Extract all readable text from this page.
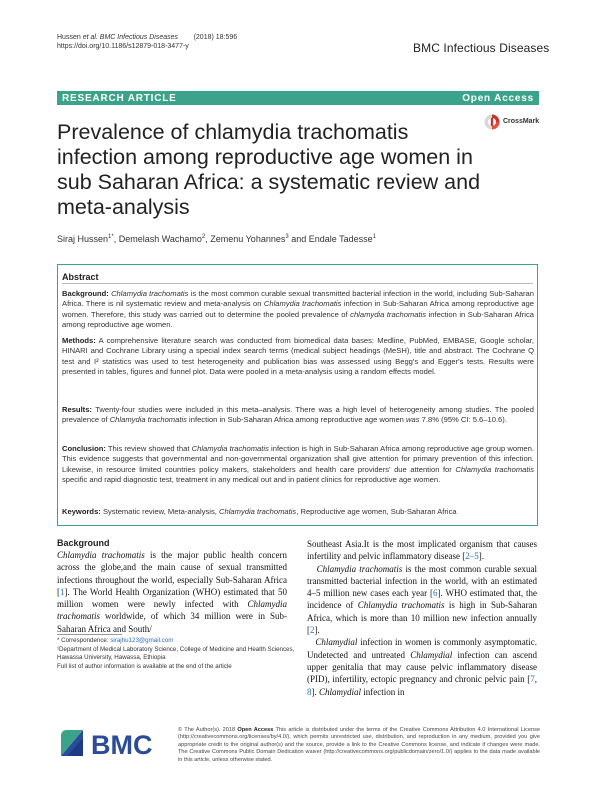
Hussen et al. BMC Infectious Diseases (2018) 18:596
https://doi.org/10.1186/s12879-018-3477-y	BMC Infectious Diseases
RESEARCH ARTICLE	Open Access
CrossMark
Prevalence of chlamydia trachomatis infection among reproductive age women in sub Saharan Africa: a systematic review and meta-analysis
Siraj Hussen$^{1*}$, Demelash Wachamo$^2$, Zemenu Yohannes$^3$ and Endale Tadesse$^1$
Abstract
Background: Chlamydia trachomatis is the most common curable sexual transmitted bacterial infection in the world, including Sub-Saharan Africa. There is nil systematic review and meta-analysis on Chlamydia trachomatis infection in Sub-Saharan Africa among reproductive age women. Therefore, this study was carried out to determine the pooled prevalence of chlamydia trachomatis infection in Sub-Saharan Africa among reproductive age women.
Methods: A comprehensive literature search was conducted from biomedical data bases: Medline, PubMed, EMBASE, Google scholar, HINARI and Cochrane Library using a special index search terms (medical subject headings (MeSH), title and abstract. The Cochrane Q test and I² statistics was used to test heterogeneity and publication bias was assessed using Begg's and Egger's tests. Results were presented in tables, figures and funnel plot. Data were pooled in a meta-analysis using a random effects model.
Results: Twenty-four studies were included in this meta–analysis. There was a high level of heterogeneity among studies. The pooled prevalence of Chlamydia trachomatis infection in Sub-Saharan Africa among reproductive age women was 7.8% (95% CI: 5.6–10.6).
Conclusion: This review showed that Chlamydia trachomatis infection is high in Sub-Saharan Africa among reproductive age group women. This evidence suggests that governmental and non-governmental organization shall give attention for primary prevention of this infection. Likewise, in resource limited countries policy makers, stakeholders and health care providers' due attention for Chlamydia trachomatis specific and rapid diagnostic test, treatment in any medical out and in patient clinics for reproductive age women.
Keywords: Systematic review, Meta-analysis, Chlamydia trachomatis, Reproductive age women, Sub-Saharan Africa
Background
Chlamydia trachomatis is the major public health concern across the globe,and the main cause of sexual transmitted infections throughout the world, especially Sub-Saharan Africa [1]. The World Health Organization (WHO) estimated that 50 million women were newly infected with Chlamydia trachomatis worldwide, of which 34 million were in Sub-Saharan Africa and South/
Southeast Asia.It is the most implicated organism that causes infertility and pelvic inflammatory disease [2–5].
Chlamydia trachomatis is the most common curable sexual transmitted bacterial infection in the world, with an estimated 4–5 million new cases each year [6]. WHO estimated that, the incidence of Chlamydia trachomatis is high in Sub-Saharan Africa, which is more than 10 million new infection annually [2].
Chlamydial infection in women is commonly asymptomatic. Undetected and untreated Chlamydial infection can ascend upper genitalia that may cause pelvic inflammatory disease (PID), infertility, ectopic pregnancy and chronic pelvic pain [7, 8]. Chlamydial infection in
* Correspondence: sirajhu123@gmail.com
¹Department of Medical Laboratory Science, College of Medicine and Health Sciences, Hawassa University, Hawassa, Ethiopia
Full list of author information is available at the end of the article
BMC	© The Author(s). 2018 Open Access This article is distributed under the terms of the Creative Commons Attribution 4.0 International License (http://creativecommons.org/licenses/by/4.0/), which permits unrestricted use, distribution, and reproduction in any medium, provided you give appropriate credit to the original author(s) and the source, provide a link to the Creative Commons license, and indicate if changes were made. The Creative Commons Public Domain Dedication waiver (http://creativecommons.org/publicdomain/zero/1.0/) applies to the data made available in this article, unless otherwise stated.
